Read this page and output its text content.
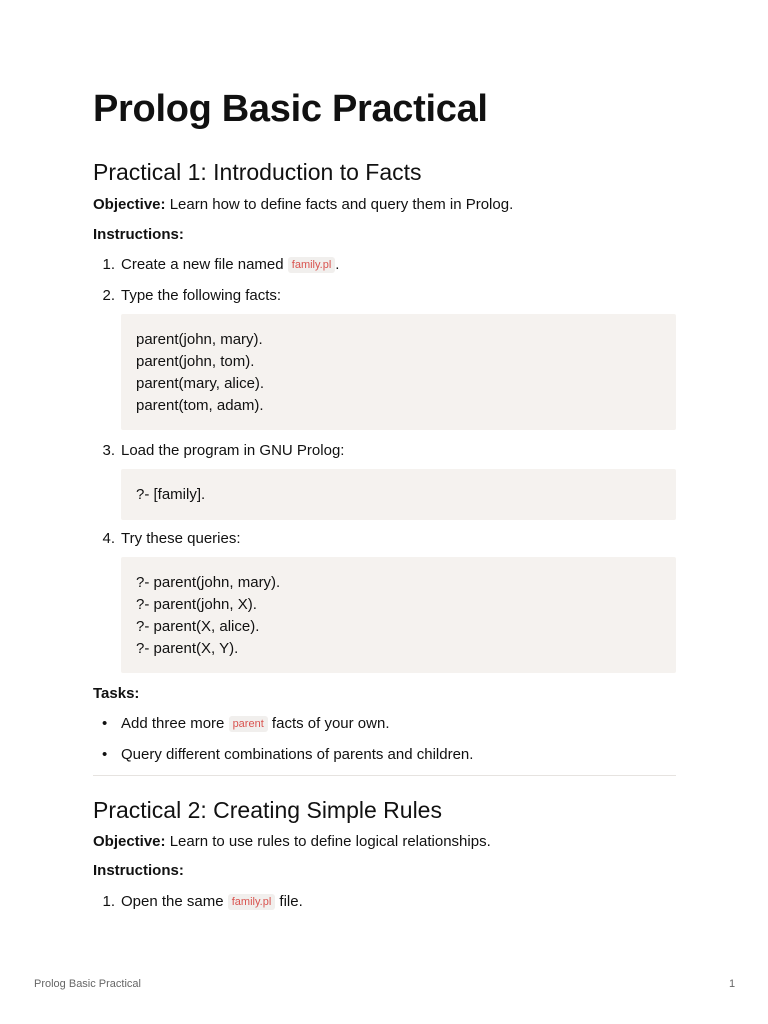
Prolog Basic Practical
Practical 1: Introduction to Facts

Objective: Learn how to define facts and query them in Prolog.

Instructions:

1. Create a new file named family.pl .
2. Type the following facts:
parent(john, mary).
parent(john, tom).
parent(mary, alice).
parent(tom, adam).
3. Load the program in GNU Prolog:
?- [family].
4. Try these queries:
?- parent(john, mary).
?- parent(john, X).
?- parent(X, alice).
?- parent(X, Y).

Tasks:

• Add three more parent facts of your own.
• Query different combinations of parents and children.
Practical 2: Creating Simple Rules

Objective: Learn to use rules to define logical relationships.

Instructions:

1. Open the same family.pl file.
Prolog Basic Practical	1
